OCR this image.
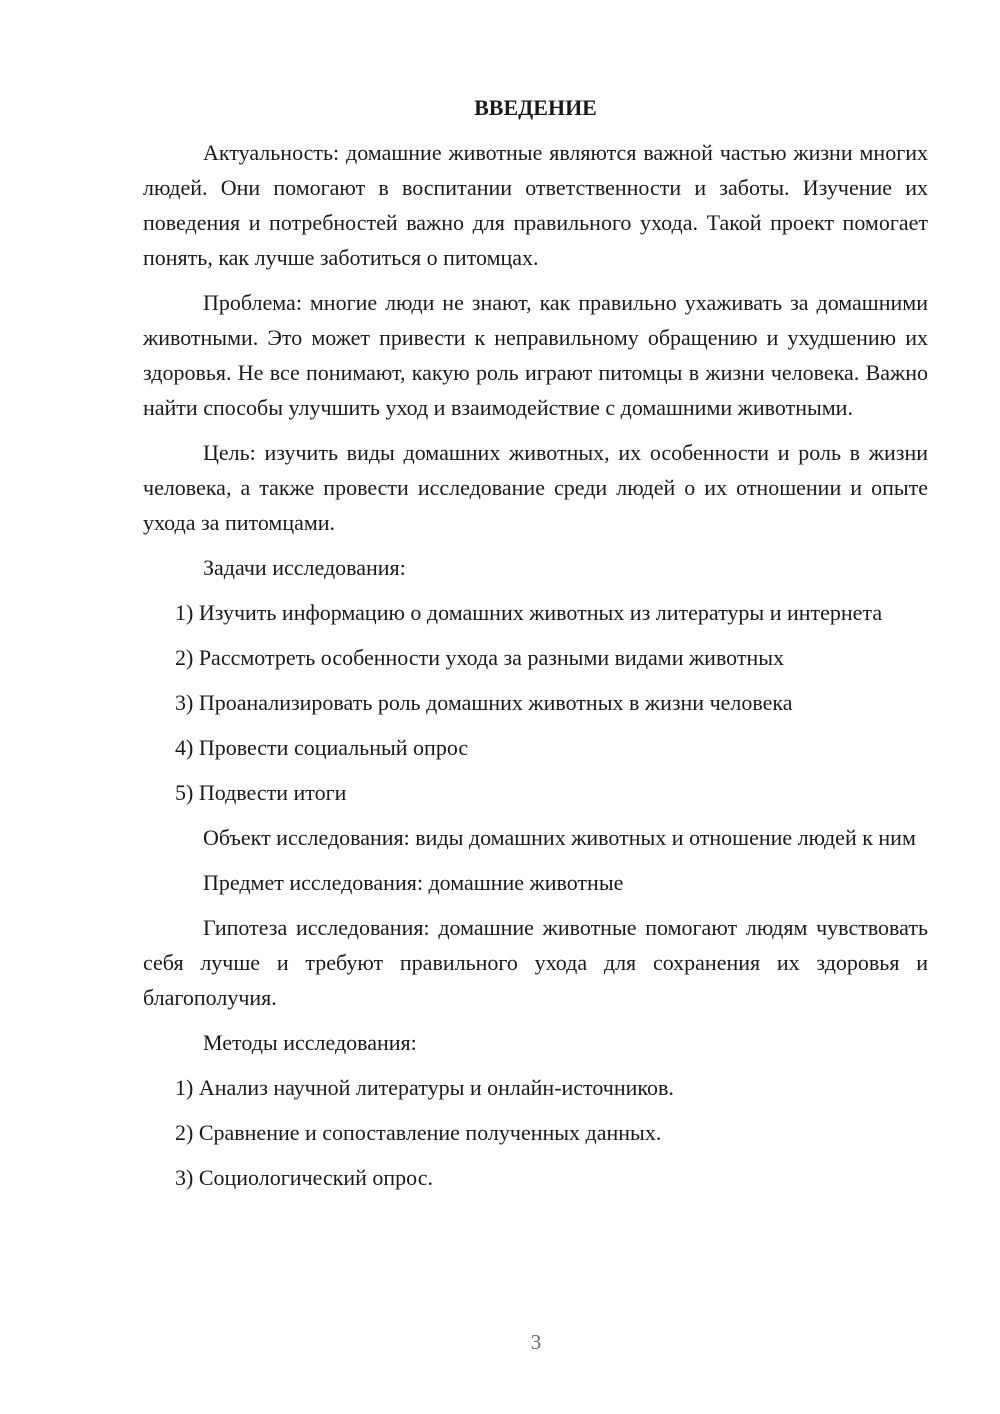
ВВЕДЕНИЕ

Актуальность: домашние животные являются важной частью жизни многих людей. Они помогают в воспитании ответственности и заботы. Изучение их поведения и потребностей важно для правильного ухода. Такой проект помогает понять, как лучше заботиться о питомцах.

Проблема: многие люди не знают, как правильно ухаживать за домашними животными. Это может привести к неправильному обращению и ухудшению их здоровья. Не все понимают, какую роль играют питомцы в жизни человека. Важно найти способы улучшить уход и взаимодействие с домашними животными.

Цель: изучить виды домашних животных, их особенности и роль в жизни человека, а также провести исследование среди людей о их отношении и опыте ухода за питомцами.

Задачи исследования:

1) Изучить информацию о домашних животных из литературы и интернета

2) Рассмотреть особенности ухода за разными видами животных

3) Проанализировать роль домашних животных в жизни человека

4) Провести социальный опрос

5) Подвести итоги

Объект исследования: виды домашних животных и отношение людей к ним

Предмет исследования: домашние животные

Гипотеза исследования: домашние животные помогают людям чувствовать себя лучше и требуют правильного ухода для сохранения их здоровья и благополучия.

Методы исследования:

1) Анализ научной литературы и онлайн-источников.

2) Сравнение и сопоставление полученных данных.

3) Социологический опрос.

3
